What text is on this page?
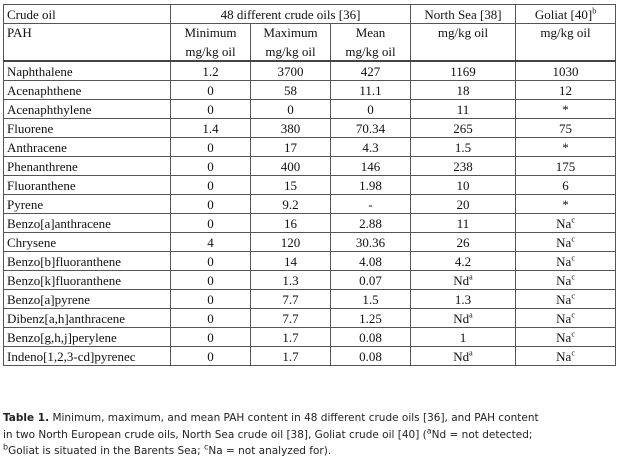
Crude oil	48 different crude oils [36]			North Sea [38]	Goliat $[40]^b$
PAH	Minimum	Maximum	Mean	mg/kg oil	mg/kg oil
	mg/kg oil	mg/kg oil	mg/kg oil		
Naphthalene	1.2	3700	427	1169	1030
Acenaphthene	0	58	11.1	18	12
Acenaphthylene	0	0	0	11	*
Fluorene	1.4	380	70.34	265	75
Anthracene	0	17	4.3	1.5	*
Phenanthrene	0	400	146	238	175
Fluoranthene	0	15	1.98	10	6
Pyrene	0	9.2	-	20	*
Benzo[a]anthracene	0	16	2.88	11	Na$^c$
Chrysene	4	120	30.36	26	Na$^c$
Benzo[b]fluoranthene	0	14	4.08	4.2	Na$^c$
Benzo[k]fluoranthene	0	1.3	0.07	Nd$^a$	Na$^c$
Benzo[a]pyrene	0	7.7	1.5	1.3	Na$^c$
Dibenz[a,h]anthracene	0	7.7	1.25	Nd$^a$	Na$^c$
Benzo[g,h,j]perylene	0	1.7	0.08	1	Na$^c$
Indeno[1,2,3-cd]pyrenec	0	1.7	0.08	Nd$^a$	Na$^c$
Table 1. Minimum, maximum, and mean PAH content in 48 different crude oils [36], and PAH content
in two North European crude oils, North Sea crude oil [38], Goliat crude oil [40] ($^a$Nd = not detected;
$^b$Goliat is situated in the Barents Sea; $^c$Na = not analyzed for).
